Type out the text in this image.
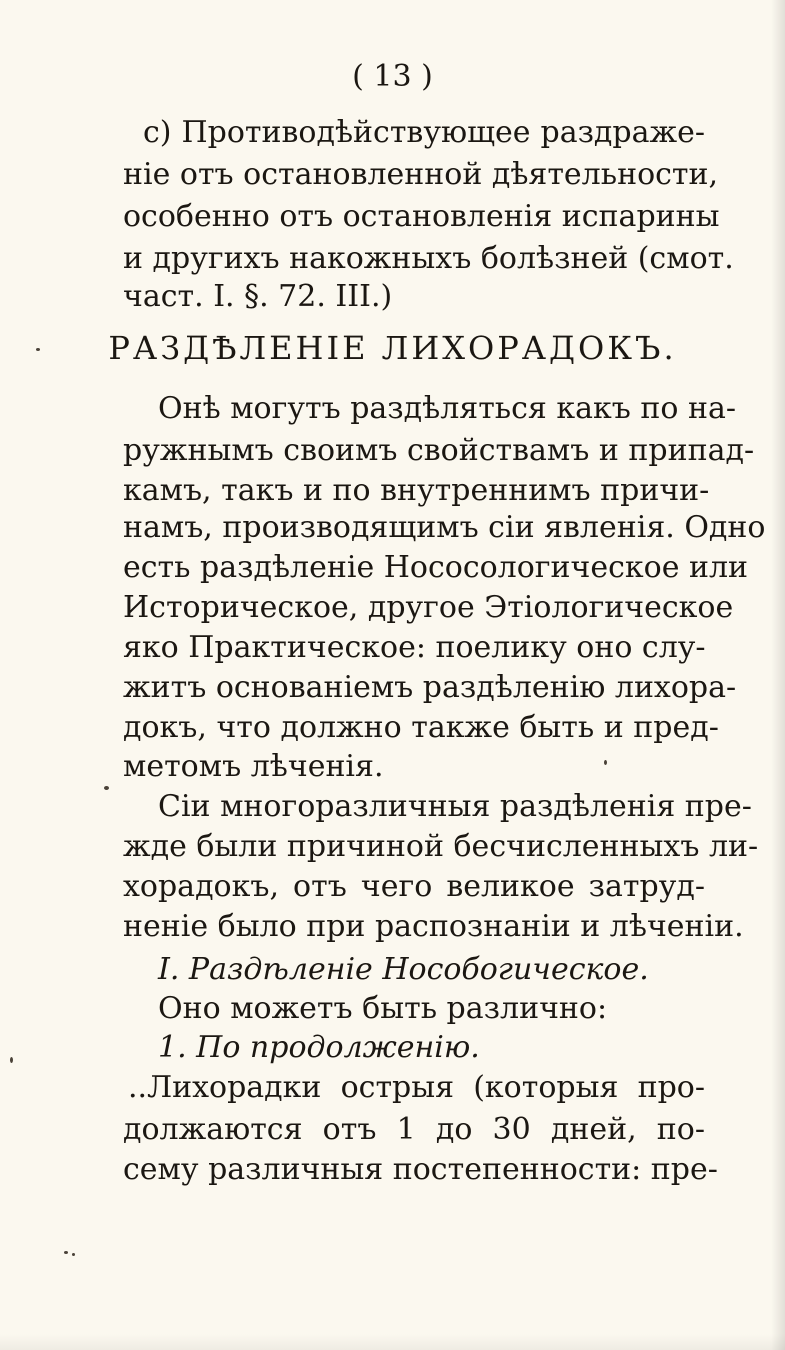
( 13 )
c) Противодѣйствующее раздраже-
ніе отъ остановленной дѣятельности,
особенно отъ остановленія испарины
и другихъ накожныхъ болѣзней (смот.
част. I. §. 72. III.)
РАЗДѢЛЕНІЕ ЛИХОРАДОКЪ.
Онѣ могутъ раздѣляться какъ по на-
ружнымъ своимъ свойствамъ и припад-
камъ, такъ и по внутреннимъ причи-
намъ, производящимъ сіи явленія. Одно
есть раздѣленіе Нососологическое или
Историческое, другое Этіологическое
яко Практическое: поелику оно слу-
житъ основаніемъ раздѣленію лихора-
докъ, что должно также быть и пред-
метомъ лѣченія.
Сіи многоразличныя раздѣленія пре-
жде были причиной бесчисленныхъ ли-
хорадокъ, отъ чего великое затруд-
неніе было при распознаніи и лѣченіи.
I. Раздѣленіе Нособогическое.
Оно можетъ быть различно:
1. По продолженію.
..Лихорадки острыя (которыя про-
должаются отъ 1 до 30 дней, по-
сему различныя постепенности: пре-
